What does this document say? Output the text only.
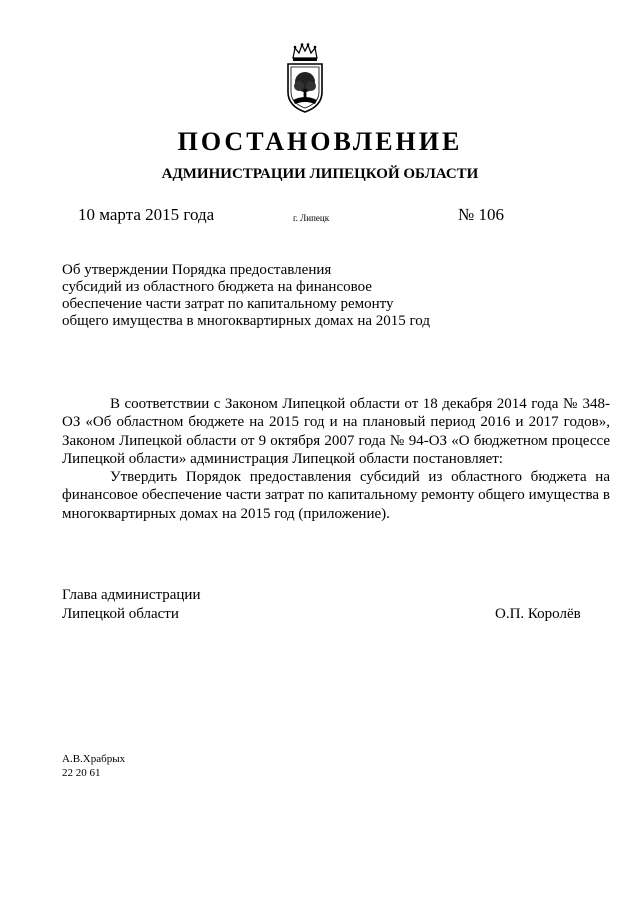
ПОСТАНОВЛЕНИЕ
АДМИНИСТРАЦИИ ЛИПЕЦКОЙ ОБЛАСТИ
10 марта 2015 года	г. Липецк	№ 106
Об утверждении Порядка предоставления
субсидий из областного бюджета на финансовое
обеспечение части затрат по капитальному ремонту
общего имущества в многоквартирных домах на 2015 год

В соответствии с Законом Липецкой области от 18 декабря 2014 года № 348-ОЗ «Об областном бюджете на 2015 год и на плановый период 2016 и 2017 годов», Законом Липецкой области от 9 октября 2007 года № 94-ОЗ «О бюджетном процессе Липецкой области» администрация Липецкой области постановляет:

Утвердить Порядок предоставления субсидий из областного бюджета на финансовое обеспечение части затрат по капитальному ремонту общего имущества в многоквартирных домах на 2015 год (приложение).

Глава администрации
Липецкой области	О.П. Королёв
А.В.Храбрых
22 20 61
